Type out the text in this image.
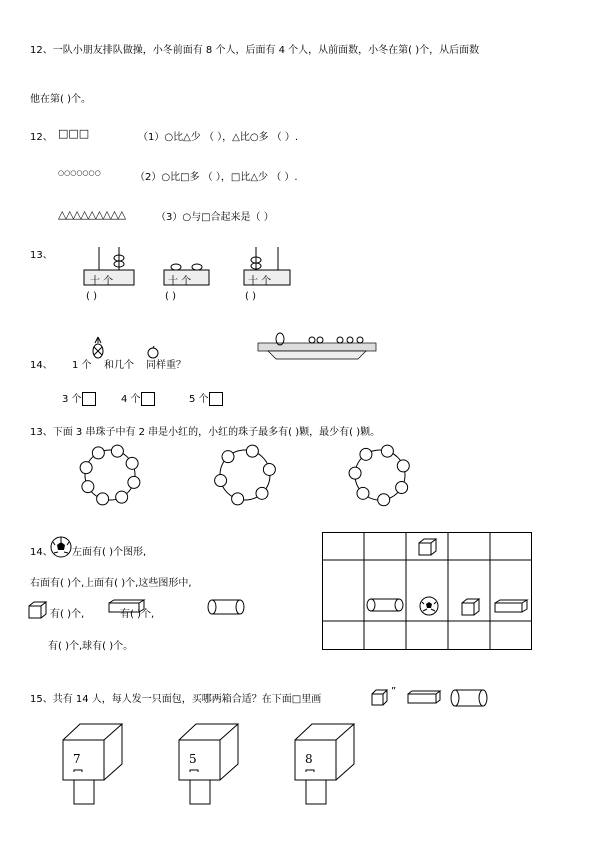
12、一队小朋友排队做操，小冬前面有 8 个人，后面有 4 个人，从前面数，小冬在第( )个，从后面数
他在第( )个。
12、 □□□	（1）○比△少 （ ），△比○多 （ ）.
○○○○○○○	（2）○比□多 （ ），□比△少 （ ）.
△△△△△△△△△	（3）○与□合起来是（ ）
13、
十 个
( )
十 个
( )
十 个
( )
14、 1 个 和几个 同样重？
3 个	4 个	5 个
13、下面 3 串珠子中有 2 串是小红的，小红的珠子最多有( )颗，最少有( )颗。
14、 左面有( )个图形,
右面有( )个,上面有( )个,这些图形中,
有( )个,	有( )个,
有( )个,球有( )个。
15、共有 14 人，每人发一只面包，买哪两箱合适？在下面□里画
”
7	5	8
